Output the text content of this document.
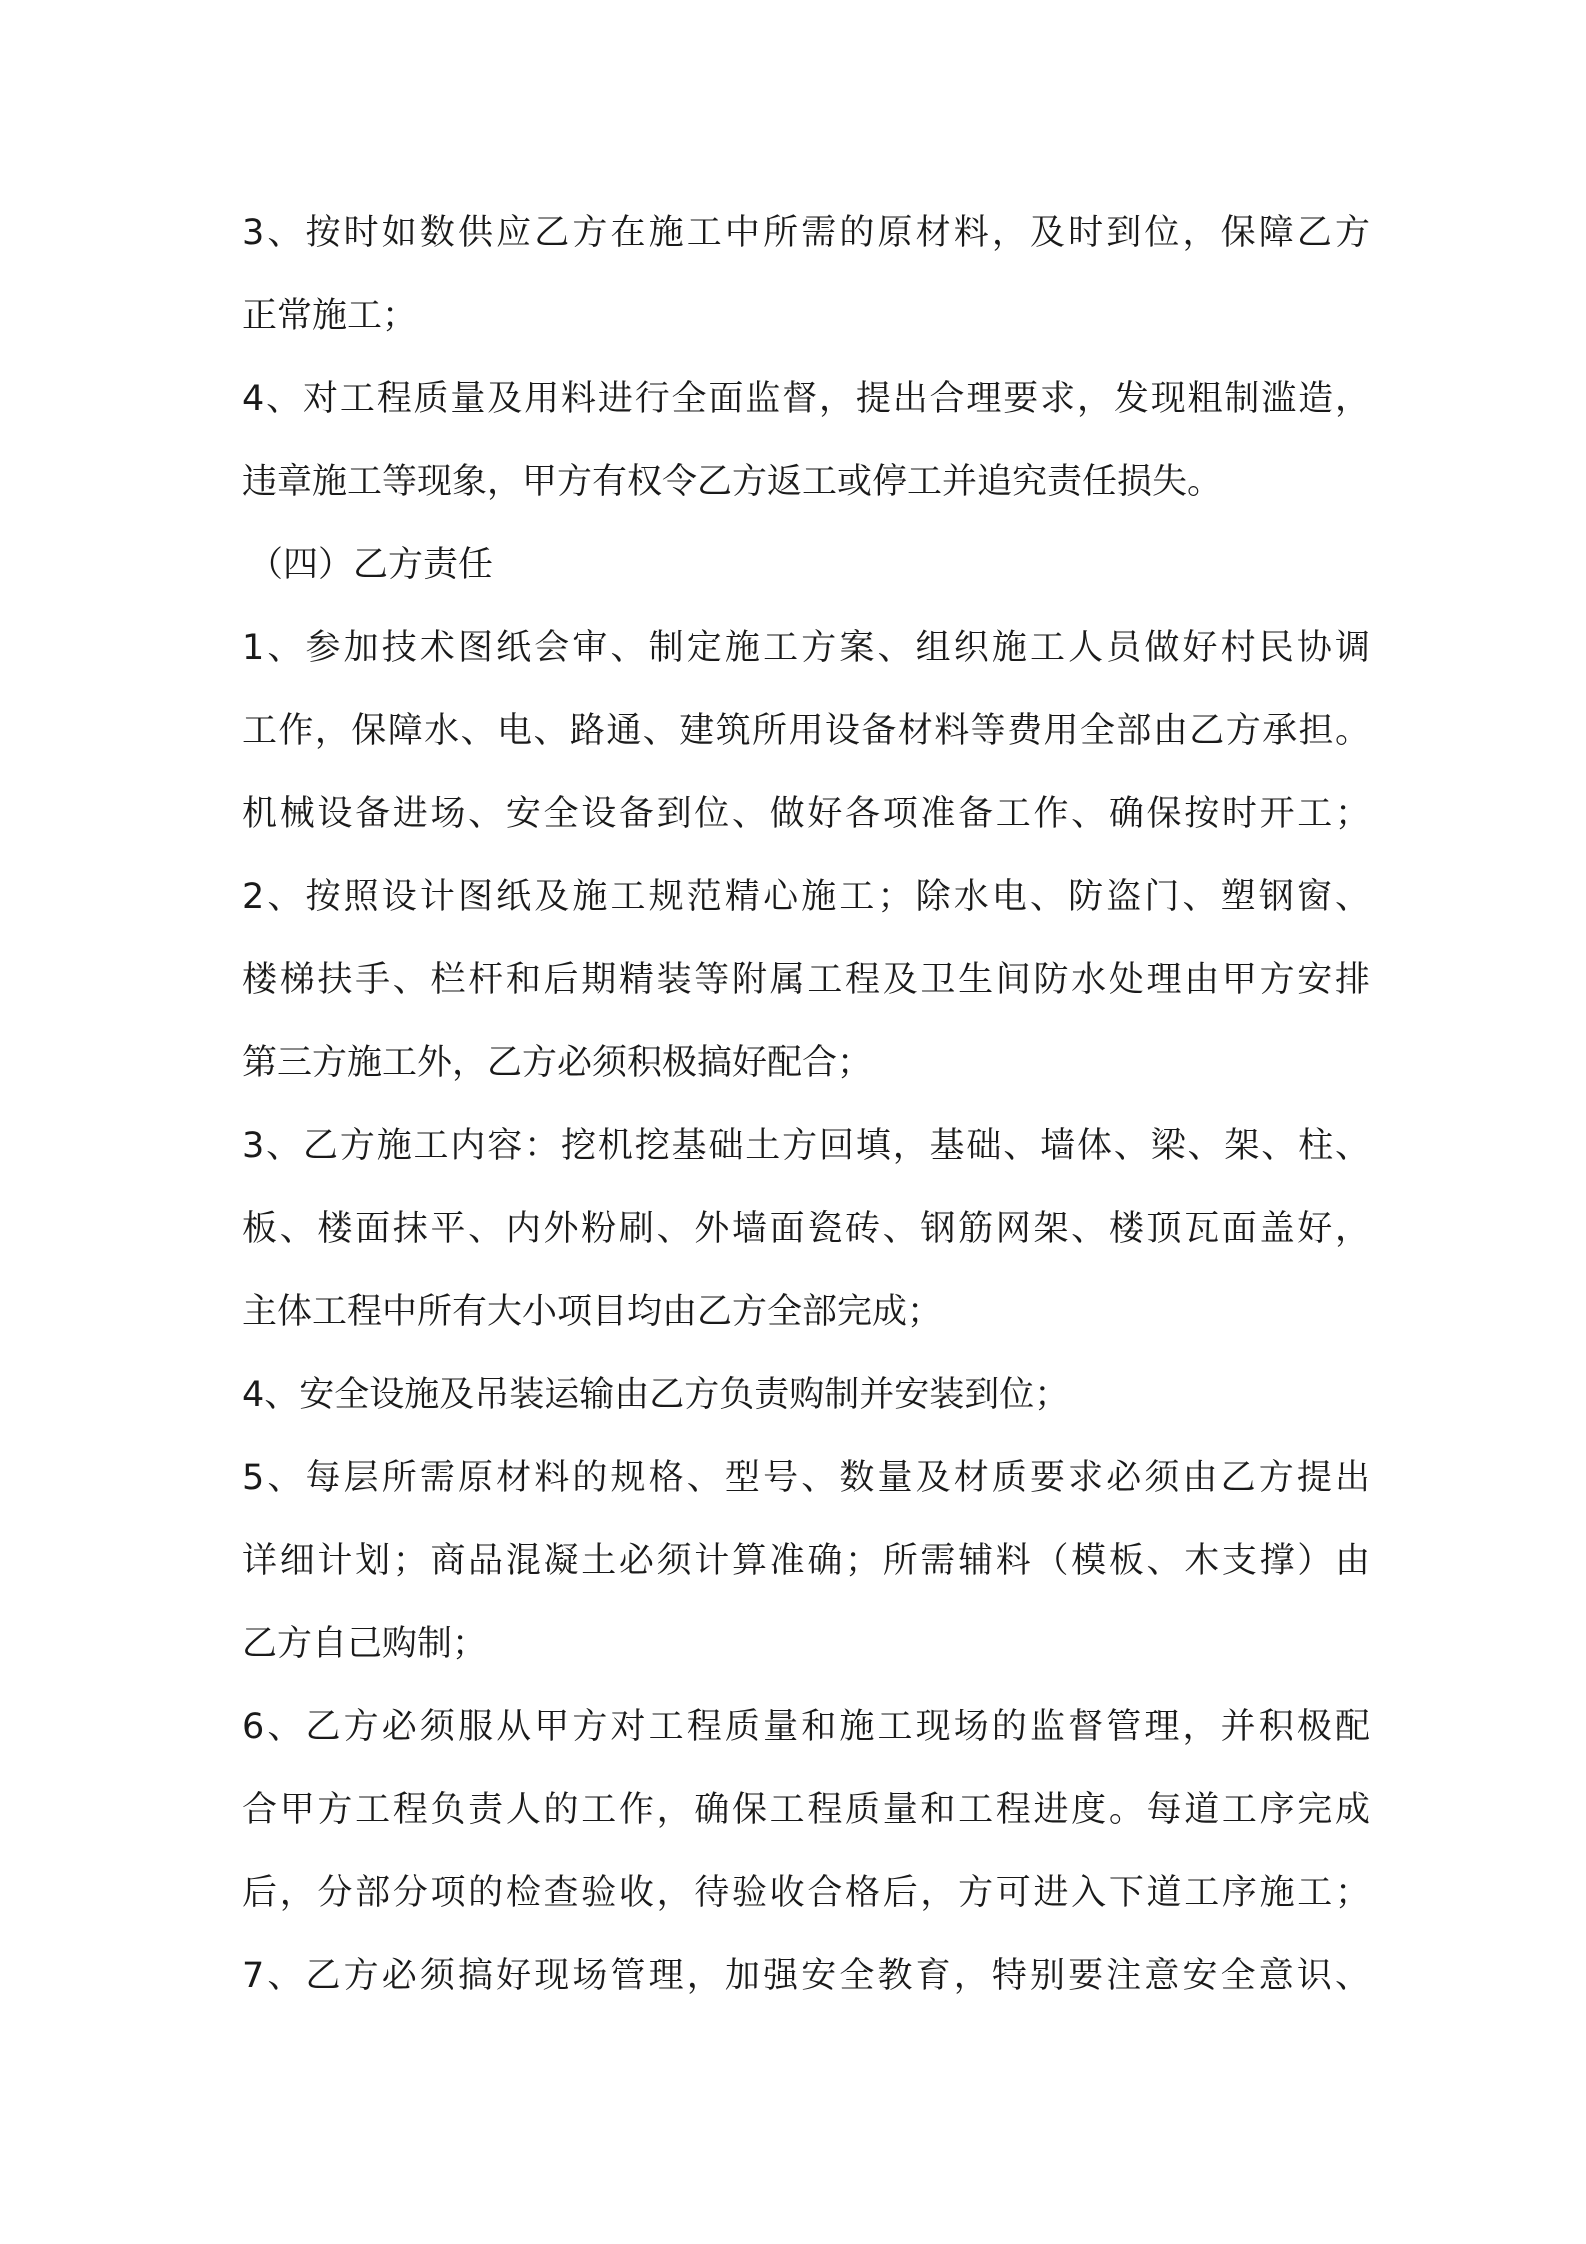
3、按时如数供应乙方在施工中所需的原材料，及时到位，保障乙方
正常施工；
4、对工程质量及用料进行全面监督，提出合理要求，发现粗制滥造，
违章施工等现象，甲方有权令乙方返工或停工并追究责任损失。
（四）乙方责任
1、参加技术图纸会审、制定施工方案、组织施工人员做好村民协调
工作，保障水、电、路通、建筑所用设备材料等费用全部由乙方承担。
机械设备进场、安全设备到位、做好各项准备工作、确保按时开工；
2、按照设计图纸及施工规范精心施工；除水电、防盗门、塑钢窗、
楼梯扶手、栏杆和后期精装等附属工程及卫生间防水处理由甲方安排
第三方施工外，乙方必须积极搞好配合；
3、乙方施工内容：挖机挖基础土方回填，基础、墙体、梁、架、柱、
板、楼面抹平、内外粉刷、外墙面瓷砖、钢筋网架、楼顶瓦面盖好，
主体工程中所有大小项目均由乙方全部完成；
4、安全设施及吊装运输由乙方负责购制并安装到位；
5、每层所需原材料的规格、型号、数量及材质要求必须由乙方提出
详细计划；商品混凝土必须计算准确；所需辅料（模板、木支撑）由
乙方自己购制；
6、乙方必须服从甲方对工程质量和施工现场的监督管理，并积极配
合甲方工程负责人的工作，确保工程质量和工程进度。每道工序完成
后，分部分项的检查验收，待验收合格后，方可进入下道工序施工；
7、乙方必须搞好现场管理，加强安全教育，特别要注意安全意识、
